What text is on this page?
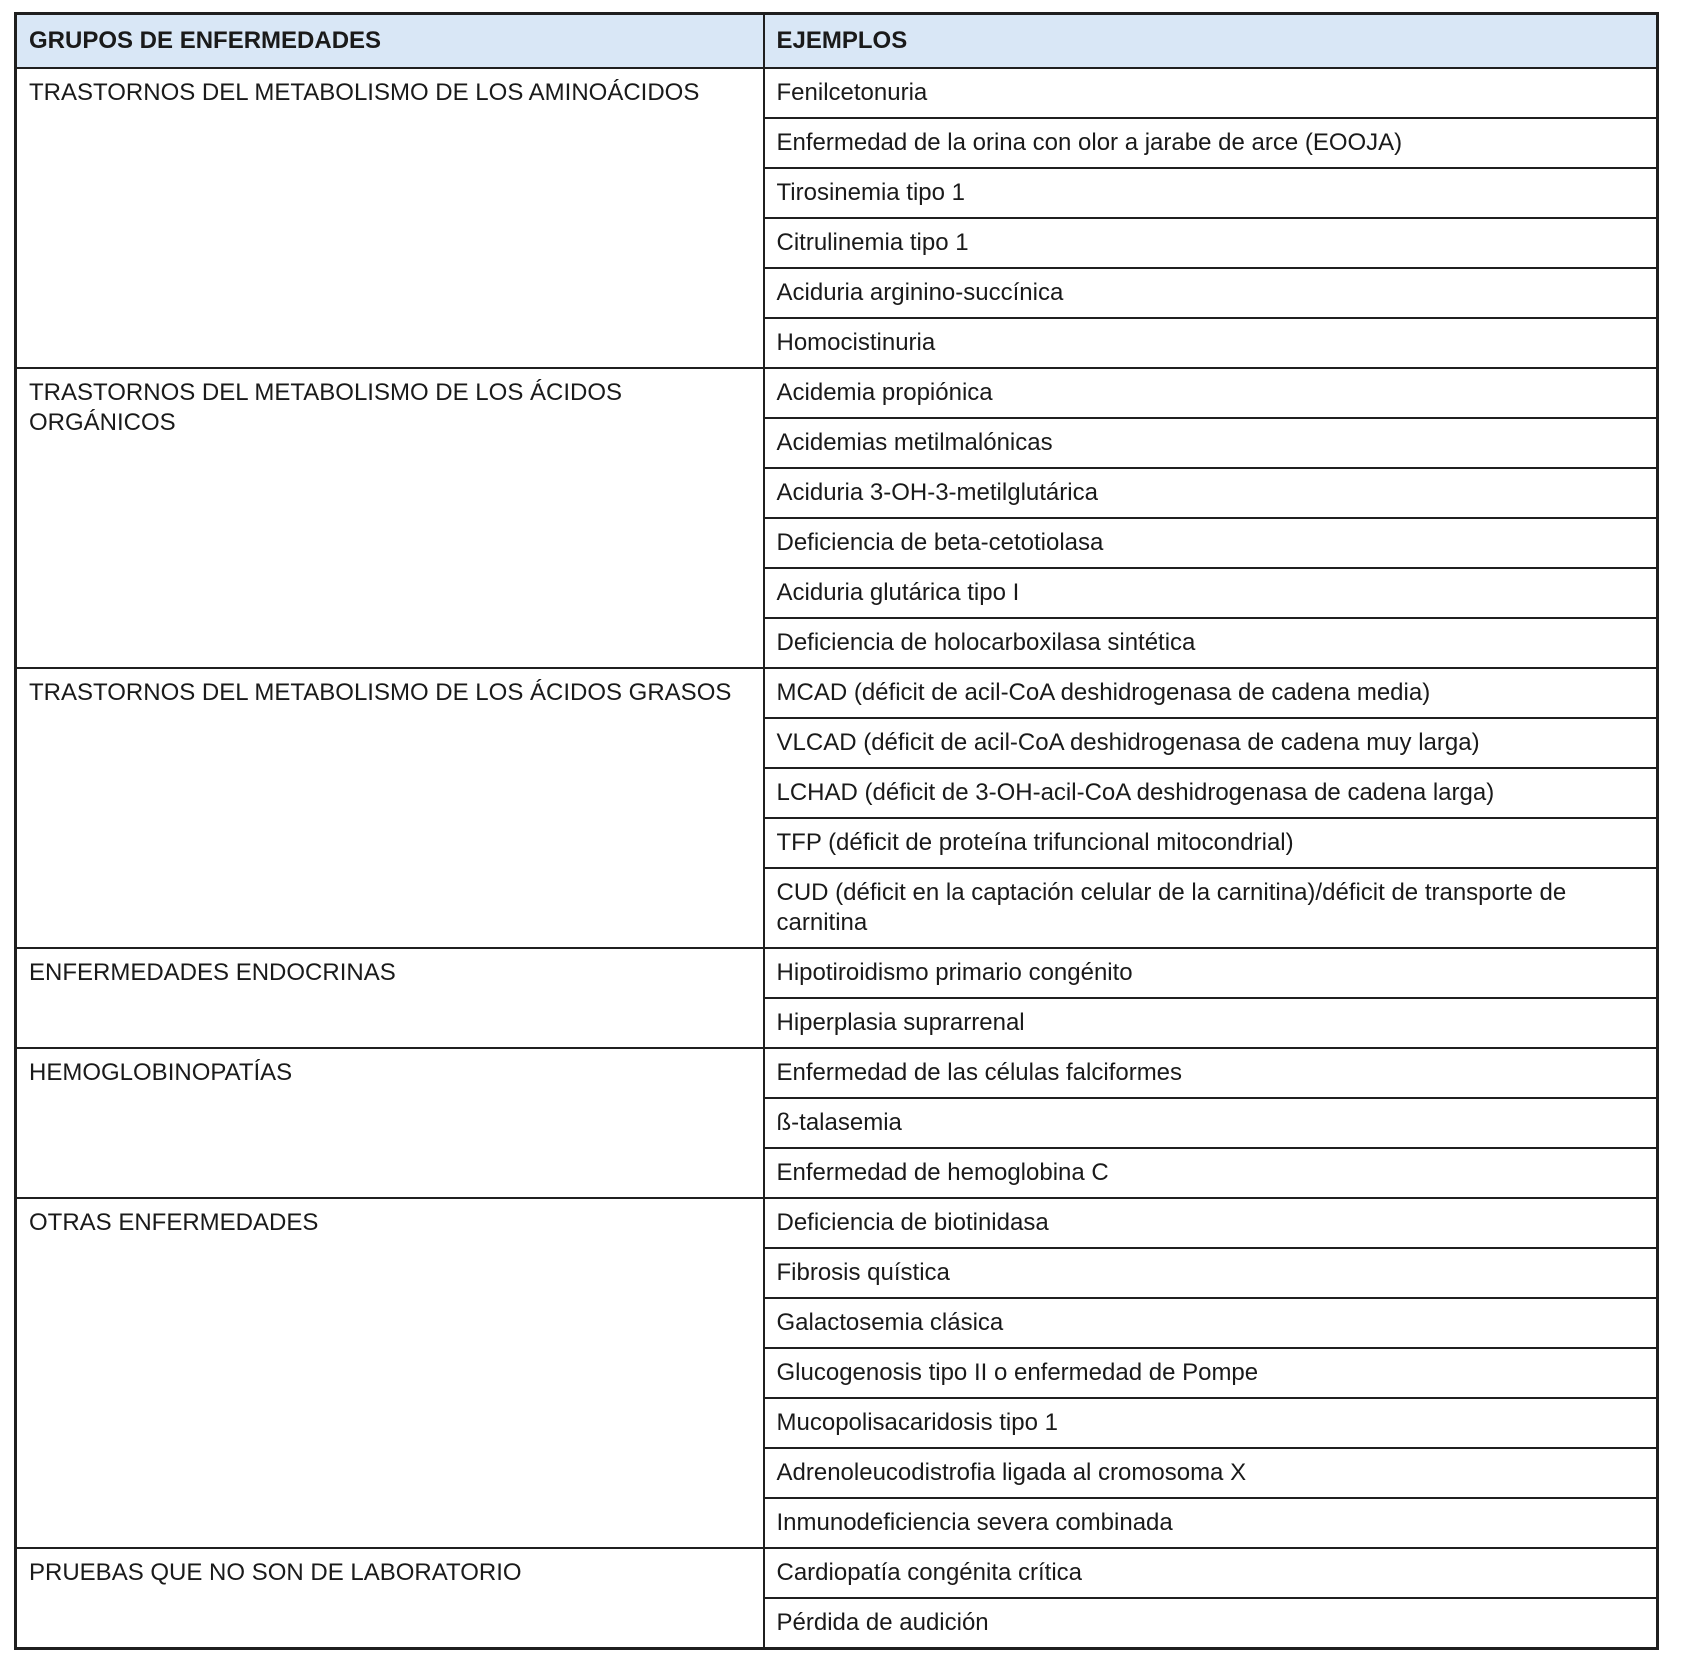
GRUPOS DE ENFERMEDADES	EJEMPLOS
TRASTORNOS DEL METABOLISMO DE LOS AMINOÁCIDOS	Fenilcetonuria
	Enfermedad de la orina con olor a jarabe de arce (EOOJA)
	Tirosinemia tipo 1
	Citrulinemia tipo 1
	Aciduria arginino-succínica
	Homocistinuria
TRASTORNOS DEL METABOLISMO DE LOS ÁCIDOS ORGÁNICOS	Acidemia propiónica
	Acidemias metilmalónicas
	Aciduria 3-OH-3-metilglutárica
	Deficiencia de beta-cetotiolasa
	Aciduria glutárica tipo I
	Deficiencia de holocarboxilasa sintética
TRASTORNOS DEL METABOLISMO DE LOS ÁCIDOS GRASOS	MCAD (déficit de acil-CoA deshidrogenasa de cadena media)
	VLCAD (déficit de acil-CoA deshidrogenasa de cadena muy larga)
	LCHAD (déficit de 3-OH-acil-CoA deshidrogenasa de cadena larga)
	TFP (déficit de proteína trifuncional mitocondrial)
	CUD (déficit en la captación celular de la carnitina)/déficit de transporte de carnitina
ENFERMEDADES ENDOCRINAS	Hipotiroidismo primario congénito
	Hiperplasia suprarrenal
HEMOGLOBINOPATÍAS	Enfermedad de las células falciformes
	ß-talasemia
	Enfermedad de hemoglobina C
OTRAS ENFERMEDADES	Deficiencia de biotinidasa
	Fibrosis quística
	Galactosemia clásica
	Glucogenosis tipo II o enfermedad de Pompe
	Mucopolisacaridosis tipo 1
	Adrenoleucodistrofia ligada al cromosoma X
	Inmunodeficiencia severa combinada
PRUEBAS QUE NO SON DE LABORATORIO	Cardiopatía congénita crítica
	Pérdida de audición
